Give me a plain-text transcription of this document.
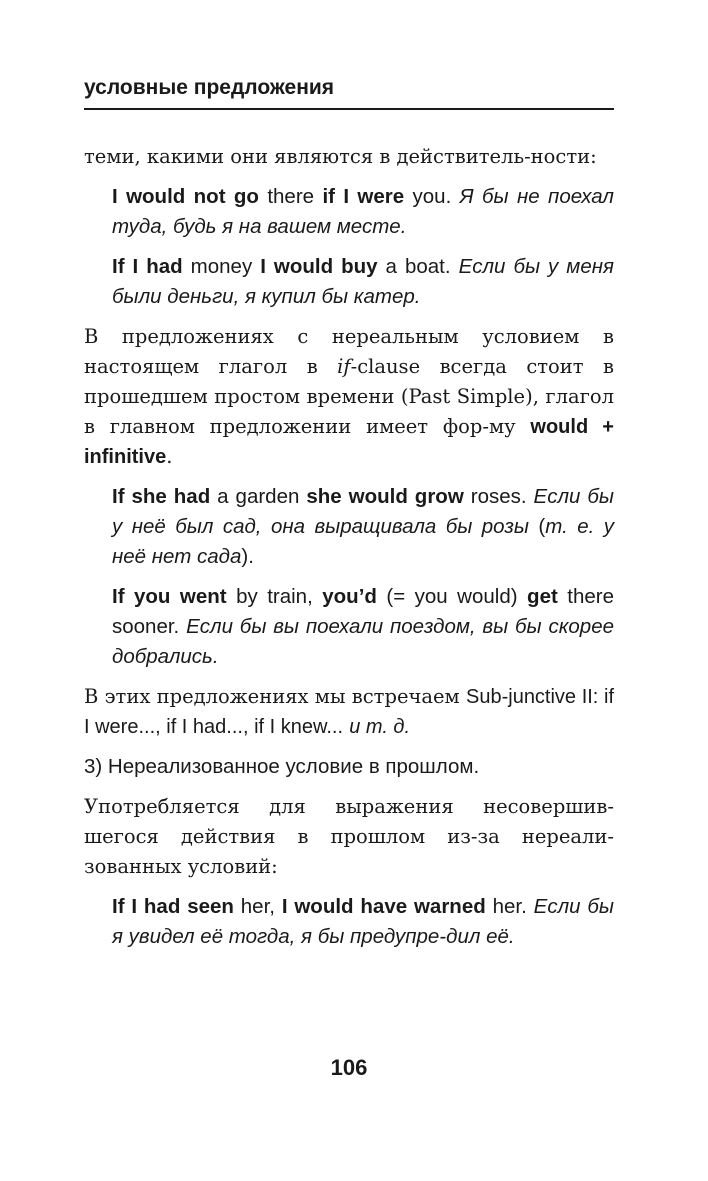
условные предложения

теми, какими они являются в действитель-ности:

I would not go there if I were you. Я бы не поехал туда, будь я на вашем месте.

If I had money I would buy a boat. Если бы у меня были деньги, я купил бы катер.

В предложениях с нереальным условием в настоящем глагол в if-clause всегда стоит в прошедшем простом времени (Past Simple), глагол в главном предложении имеет фор-му would + infinitive.

If she had a garden she would grow roses. Если бы у неё был сад, она выращивала бы розы (т. е. у неё нет сада).

If you went by train, you’d (= you would) get there sooner. Если бы вы поехали поездом, вы бы скорее добрались.

В этих предложениях мы встречаем Sub-junctive II: if I were..., if I had..., if I knew... и т. д.

3) Нереализованное условие в прошлом.

Употребляется для выражения несовершив-шегося действия в прошлом из-за нереали-зованных условий:

If I had seen her, I would have warned her. Если бы я увидел её тогда, я бы предупре-дил её.

106
